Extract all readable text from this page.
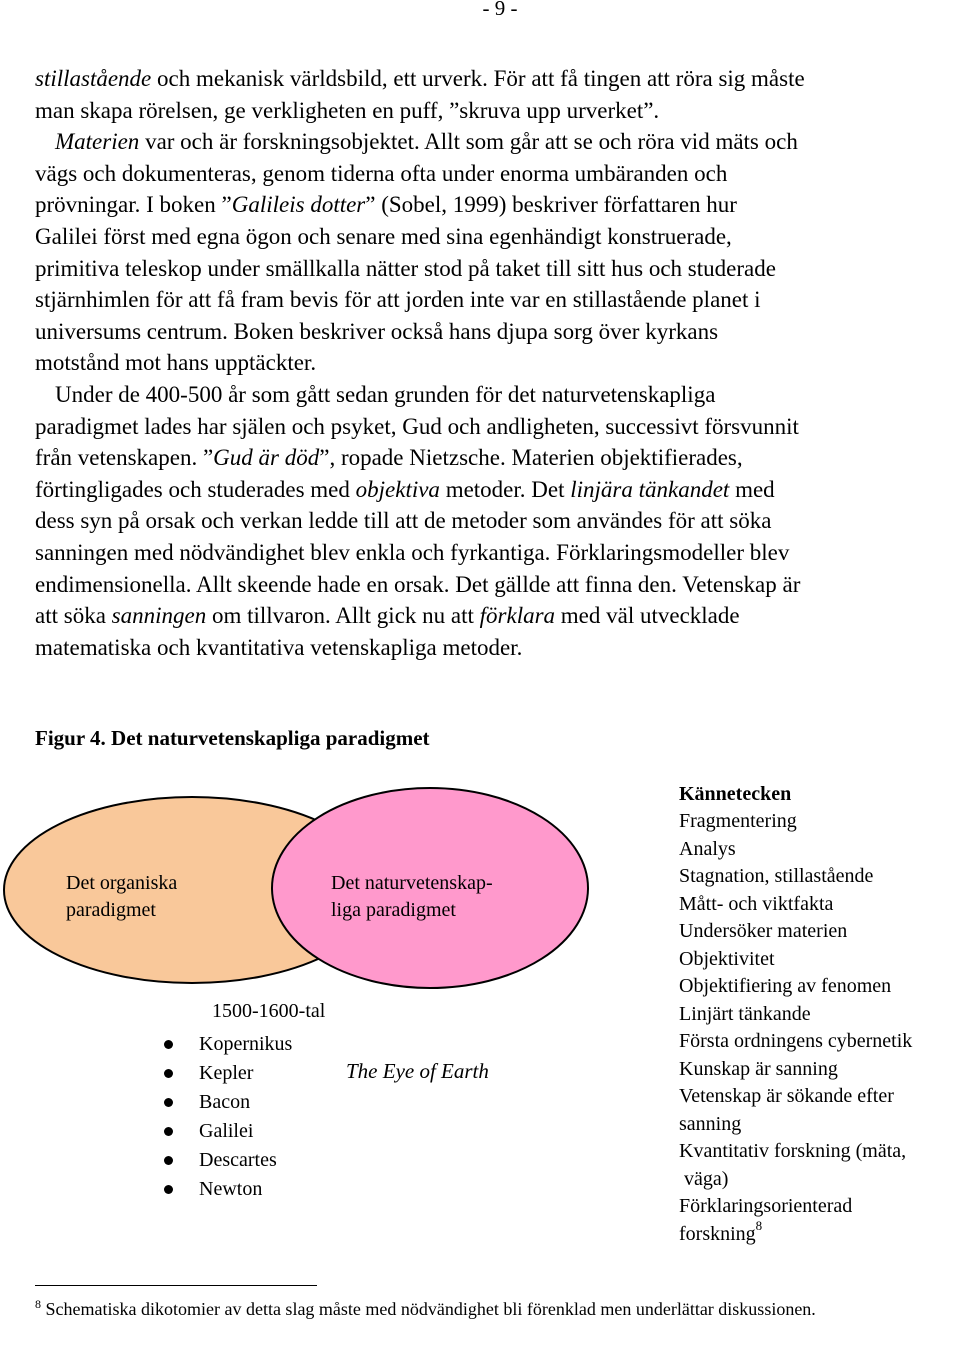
- 9 -

stillastående och mekanisk världsbild, ett urverk. För att få tingen att röra sig måste

man skapa rörelsen, ge verkligheten en puff, ”skruva upp urverket”.

Materien var och är forskningsobjektet. Allt som går att se och röra vid mäts och

vägs och dokumenteras, genom tiderna ofta under enorma umbäranden och

prövningar. I boken ”Galileis dotter” (Sobel, 1999) beskriver författaren hur

Galilei först med egna ögon och senare med sina egenhändigt konstruerade,

primitiva teleskop under smällkalla nätter stod på taket till sitt hus och studerade

stjärnhimlen för att få fram bevis för att jorden inte var en stillastående planet i

universums centrum. Boken beskriver också hans djupa sorg över kyrkans

motstånd mot hans upptäckter.

Under de 400-500 år som gått sedan grunden för det naturvetenskapliga

paradigmet lades har själen och psyket, Gud och andligheten, successivt försvunnit

från vetenskapen. ”Gud är död”, ropade Nietzsche. Materien objektifierades,

förtingligades och studerades med objektiva metoder. Det linjära tänkandet med

dess syn på orsak och verkan ledde till att de metoder som användes för att söka

sanningen med nödvändighet blev enkla och fyrkantiga. Förklaringsmodeller blev

endimensionella. Allt skeende hade en orsak. Det gällde att finna den. Vetenskap är

att söka sanningen om tillvaron. Allt gick nu att förklara med väl utvecklade

matematiska och kvantitativa vetenskapliga metoder.

Figur 4. Det naturvetenskapliga paradigmet
Det organiska
paradigmet
Det naturvetenskap-
liga paradigmet
1500-1600-tal
Kopernikus
Kepler
Bacon
Galilei
Descartes
Newton
The Eye of Earth
Kännetecken
Fragmentering
Analys
Stagnation, stillastående
Mått- och viktfakta
Undersöker materien
Objektivitet
Objektifiering av fenomen
Linjärt tänkande
Första ordningens cybernetik
Kunskap är sanning
Vetenskap är sökande efter
sanning
Kvantitativ forskning (mäta,
väga)
Förklaringsorienterad
forskning$^8$
$^8$ Schematiska dikotomier av detta slag måste med nödvändighet bli förenklad men underlättar diskussionen.
